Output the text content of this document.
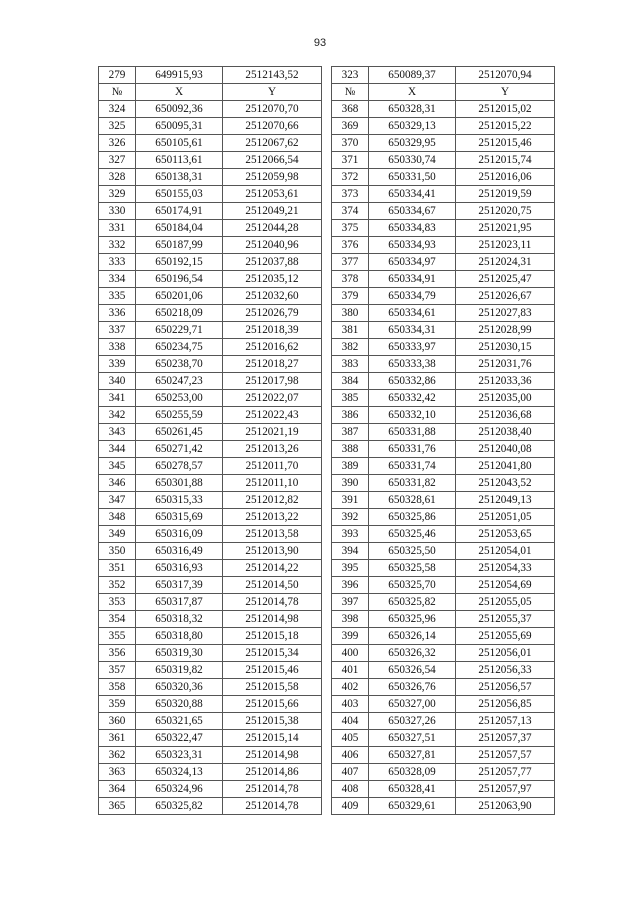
93
279	649915,93	2512143,52		323	650089,37	2512070,94
№	X	Y		№	X	Y
324	650092,36	2512070,70		368	650328,31	2512015,02
325	650095,31	2512070,66		369	650329,13	2512015,22
326	650105,61	2512067,62		370	650329,95	2512015,46
327	650113,61	2512066,54		371	650330,74	2512015,74
328	650138,31	2512059,98		372	650331,50	2512016,06
329	650155,03	2512053,61		373	650334,41	2512019,59
330	650174,91	2512049,21		374	650334,67	2512020,75
331	650184,04	2512044,28		375	650334,83	2512021,95
332	650187,99	2512040,96		376	650334,93	2512023,11
333	650192,15	2512037,88		377	650334,97	2512024,31
334	650196,54	2512035,12		378	650334,91	2512025,47
335	650201,06	2512032,60		379	650334,79	2512026,67
336	650218,09	2512026,79		380	650334,61	2512027,83
337	650229,71	2512018,39		381	650334,31	2512028,99
338	650234,75	2512016,62		382	650333,97	2512030,15
339	650238,70	2512018,27		383	650333,38	2512031,76
340	650247,23	2512017,98		384	650332,86	2512033,36
341	650253,00	2512022,07		385	650332,42	2512035,00
342	650255,59	2512022,43		386	650332,10	2512036,68
343	650261,45	2512021,19		387	650331,88	2512038,40
344	650271,42	2512013,26		388	650331,76	2512040,08
345	650278,57	2512011,70		389	650331,74	2512041,80
346	650301,88	2512011,10		390	650331,82	2512043,52
347	650315,33	2512012,82		391	650328,61	2512049,13
348	650315,69	2512013,22		392	650325,86	2512051,05
349	650316,09	2512013,58		393	650325,46	2512053,65
350	650316,49	2512013,90		394	650325,50	2512054,01
351	650316,93	2512014,22		395	650325,58	2512054,33
352	650317,39	2512014,50		396	650325,70	2512054,69
353	650317,87	2512014,78		397	650325,82	2512055,05
354	650318,32	2512014,98		398	650325,96	2512055,37
355	650318,80	2512015,18		399	650326,14	2512055,69
356	650319,30	2512015,34		400	650326,32	2512056,01
357	650319,82	2512015,46		401	650326,54	2512056,33
358	650320,36	2512015,58		402	650326,76	2512056,57
359	650320,88	2512015,66		403	650327,00	2512056,85
360	650321,65	2512015,38		404	650327,26	2512057,13
361	650322,47	2512015,14		405	650327,51	2512057,37
362	650323,31	2512014,98		406	650327,81	2512057,57
363	650324,13	2512014,86		407	650328,09	2512057,77
364	650324,96	2512014,78		408	650328,41	2512057,97
365	650325,82	2512014,78		409	650329,61	2512063,90
